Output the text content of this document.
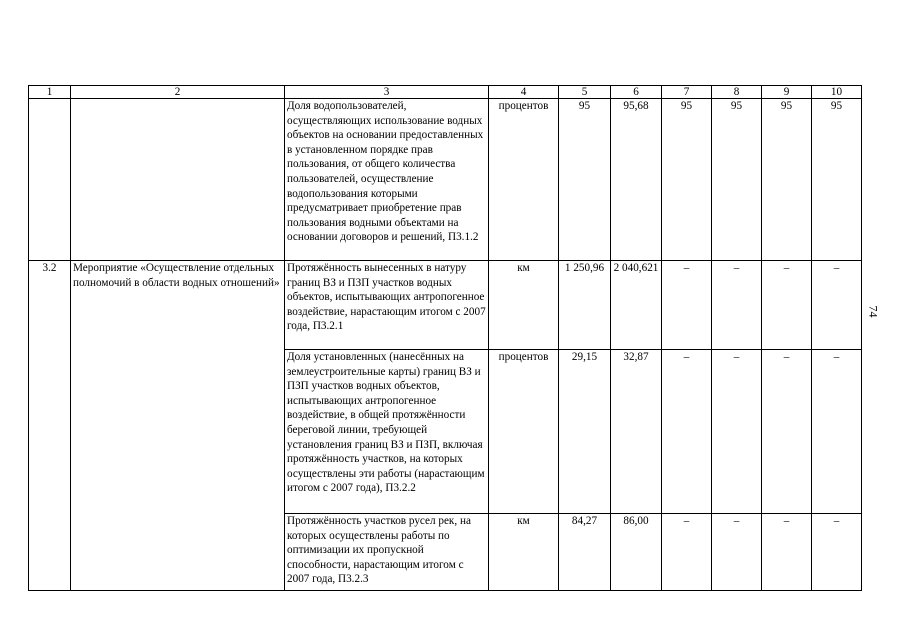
1	2	3	4	5	6	7	8	9	10
		Доля водопользователей, осуществляющих использование водных объектов на основании предоставленных в установленном порядке прав пользования, от общего количества пользователей, осуществление водопользования которыми предусматривает приобретение прав пользования водными объектами на основании договоров и решений, П3.1.2	процентов	95	95,68	95	95	95	95
3.2	Мероприятие «Осуществление отдельных полномочий в области водных отношений»	Протяжённость вынесенных в натуру границ ВЗ и ПЗП участков водных объектов, испытывающих антропогенное воздействие, нарастающим итогом с 2007 года, П3.2.1	км	1 250,96	2 040,621	–	–	–	–
		Доля установленных (нанесённых на землеустроительные карты) границ ВЗ и ПЗП участков водных объектов, испытывающих антропогенное воздействие, в общей протяжённости береговой линии, требующей установления границ ВЗ и ПЗП, включая протяжённость участков, на которых осуществлены эти работы (нарастающим итогом с 2007 года), П3.2.2	процентов	29,15	32,87	–	–	–	–
		Протяжённость участков русел рек, на которых осуществлены работы по оптимизации их пропускной способности, нарастающим итогом с 2007 года, П3.2.3	км	84,27	86,00	–	–	–	–
74
